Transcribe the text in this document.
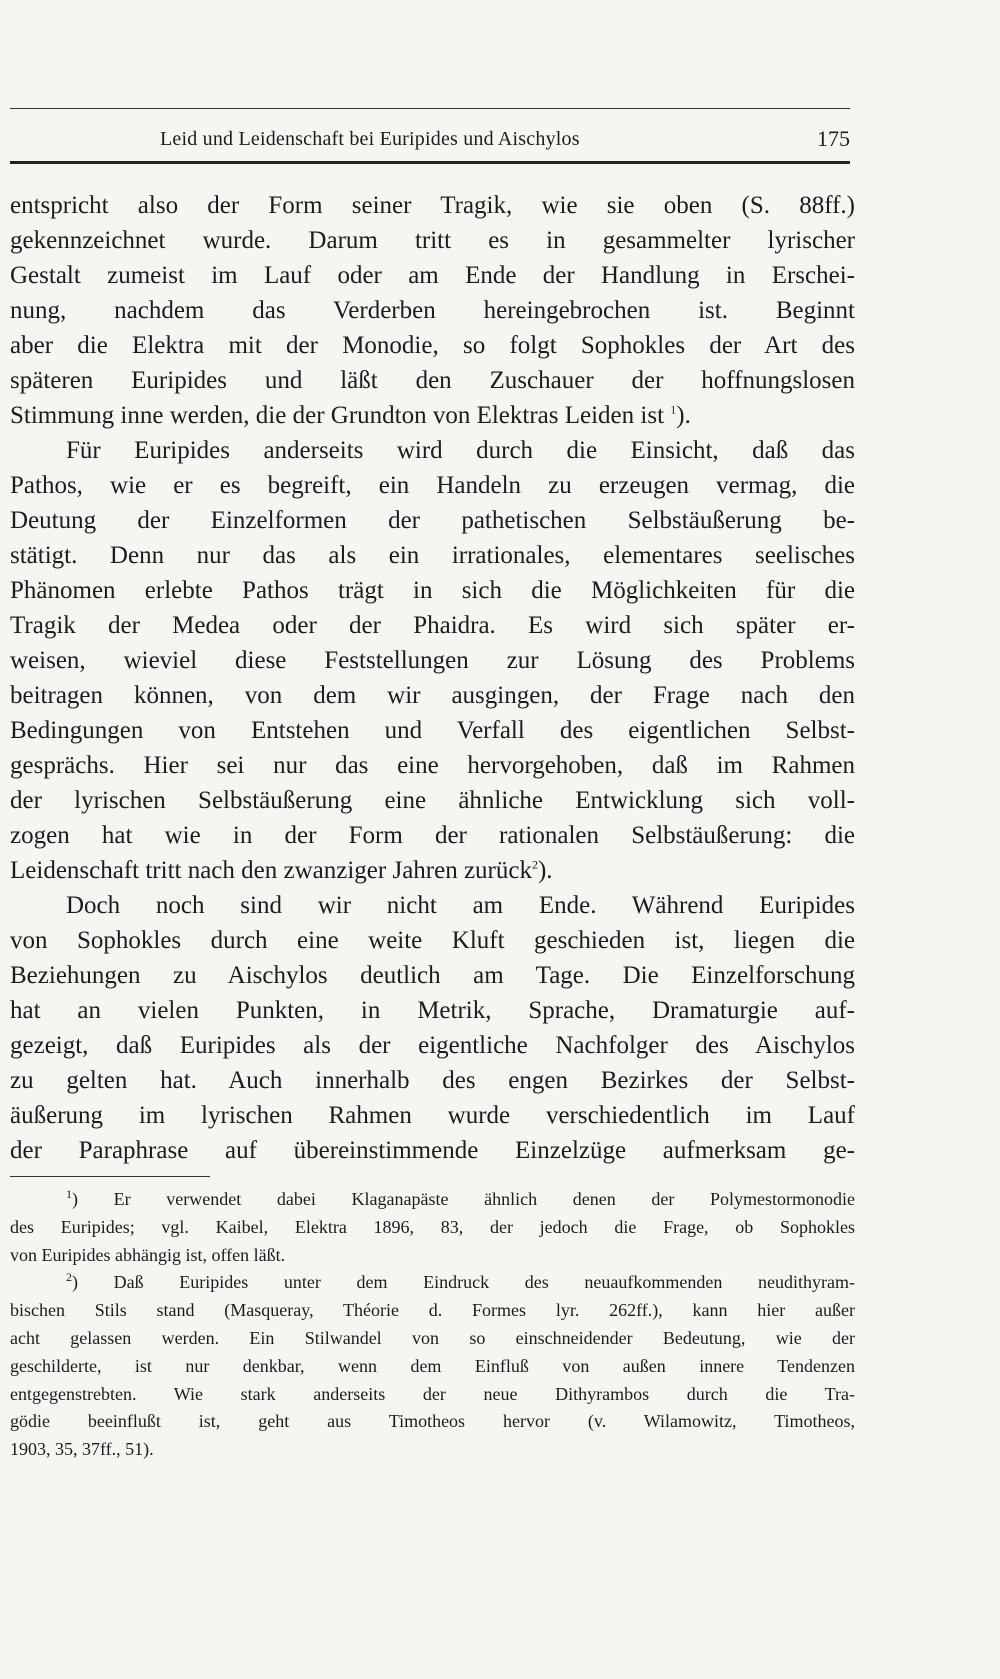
Leid und Leidenschaft bei Euripides und Aischylos	175
entspricht also der Form seiner Tragik, wie sie oben (S. 88ff.)
gekennzeichnet wurde. Darum tritt es in gesammelter lyrischer
Gestalt zumeist im Lauf oder am Ende der Handlung in Erschei-
nung, nachdem das Verderben hereingebrochen ist. Beginnt
aber die Elektra mit der Monodie, so folgt Sophokles der Art des
späteren Euripides und läßt den Zuschauer der hoffnungslosen
Stimmung inne werden, die der Grundton von Elektras Leiden ist $^1$).
Für Euripides anderseits wird durch die Einsicht, daß das
Pathos, wie er es begreift, ein Handeln zu erzeugen vermag, die
Deutung der Einzelformen der pathetischen Selbstäußerung be-
stätigt. Denn nur das als ein irrationales, elementares seelisches
Phänomen erlebte Pathos trägt in sich die Möglichkeiten für die
Tragik der Medea oder der Phaidra. Es wird sich später er-
weisen, wieviel diese Feststellungen zur Lösung des Problems
beitragen können, von dem wir ausgingen, der Frage nach den
Bedingungen von Entstehen und Verfall des eigentlichen Selbst-
gesprächs. Hier sei nur das eine hervorgehoben, daß im Rahmen
der lyrischen Selbstäußerung eine ähnliche Entwicklung sich voll-
zogen hat wie in der Form der rationalen Selbstäußerung: die
Leidenschaft tritt nach den zwanziger Jahren zurück$^2$).
Doch noch sind wir nicht am Ende. Während Euripides
von Sophokles durch eine weite Kluft geschieden ist, liegen die
Beziehungen zu Aischylos deutlich am Tage. Die Einzelforschung
hat an vielen Punkten, in Metrik, Sprache, Dramaturgie auf-
gezeigt, daß Euripides als der eigentliche Nachfolger des Aischylos
zu gelten hat. Auch innerhalb des engen Bezirkes der Selbst-
äußerung im lyrischen Rahmen wurde verschiedentlich im Lauf
der Paraphrase auf übereinstimmende Einzelzüge aufmerksam ge-
$^1$) Er verwendet dabei Klaganapäste ähnlich denen der Polymestormonodie
des Euripides; vgl. Kaibel, Elektra 1896, 83, der jedoch die Frage, ob Sophokles
von Euripides abhängig ist, offen läßt.
$^2$) Daß Euripides unter dem Eindruck des neuaufkommenden neudithyram-
bischen Stils stand (Masqueray, Théorie d. Formes lyr. 262ff.), kann hier außer
acht gelassen werden. Ein Stilwandel von so einschneidender Bedeutung, wie der
geschilderte, ist nur denkbar, wenn dem Einfluß von außen innere Tendenzen
entgegenstrebten. Wie stark anderseits der neue Dithyrambos durch die Tra-
gödie beeinflußt ist, geht aus Timotheos hervor (v. Wilamowitz, Timotheos,
1903, 35, 37ff., 51).
